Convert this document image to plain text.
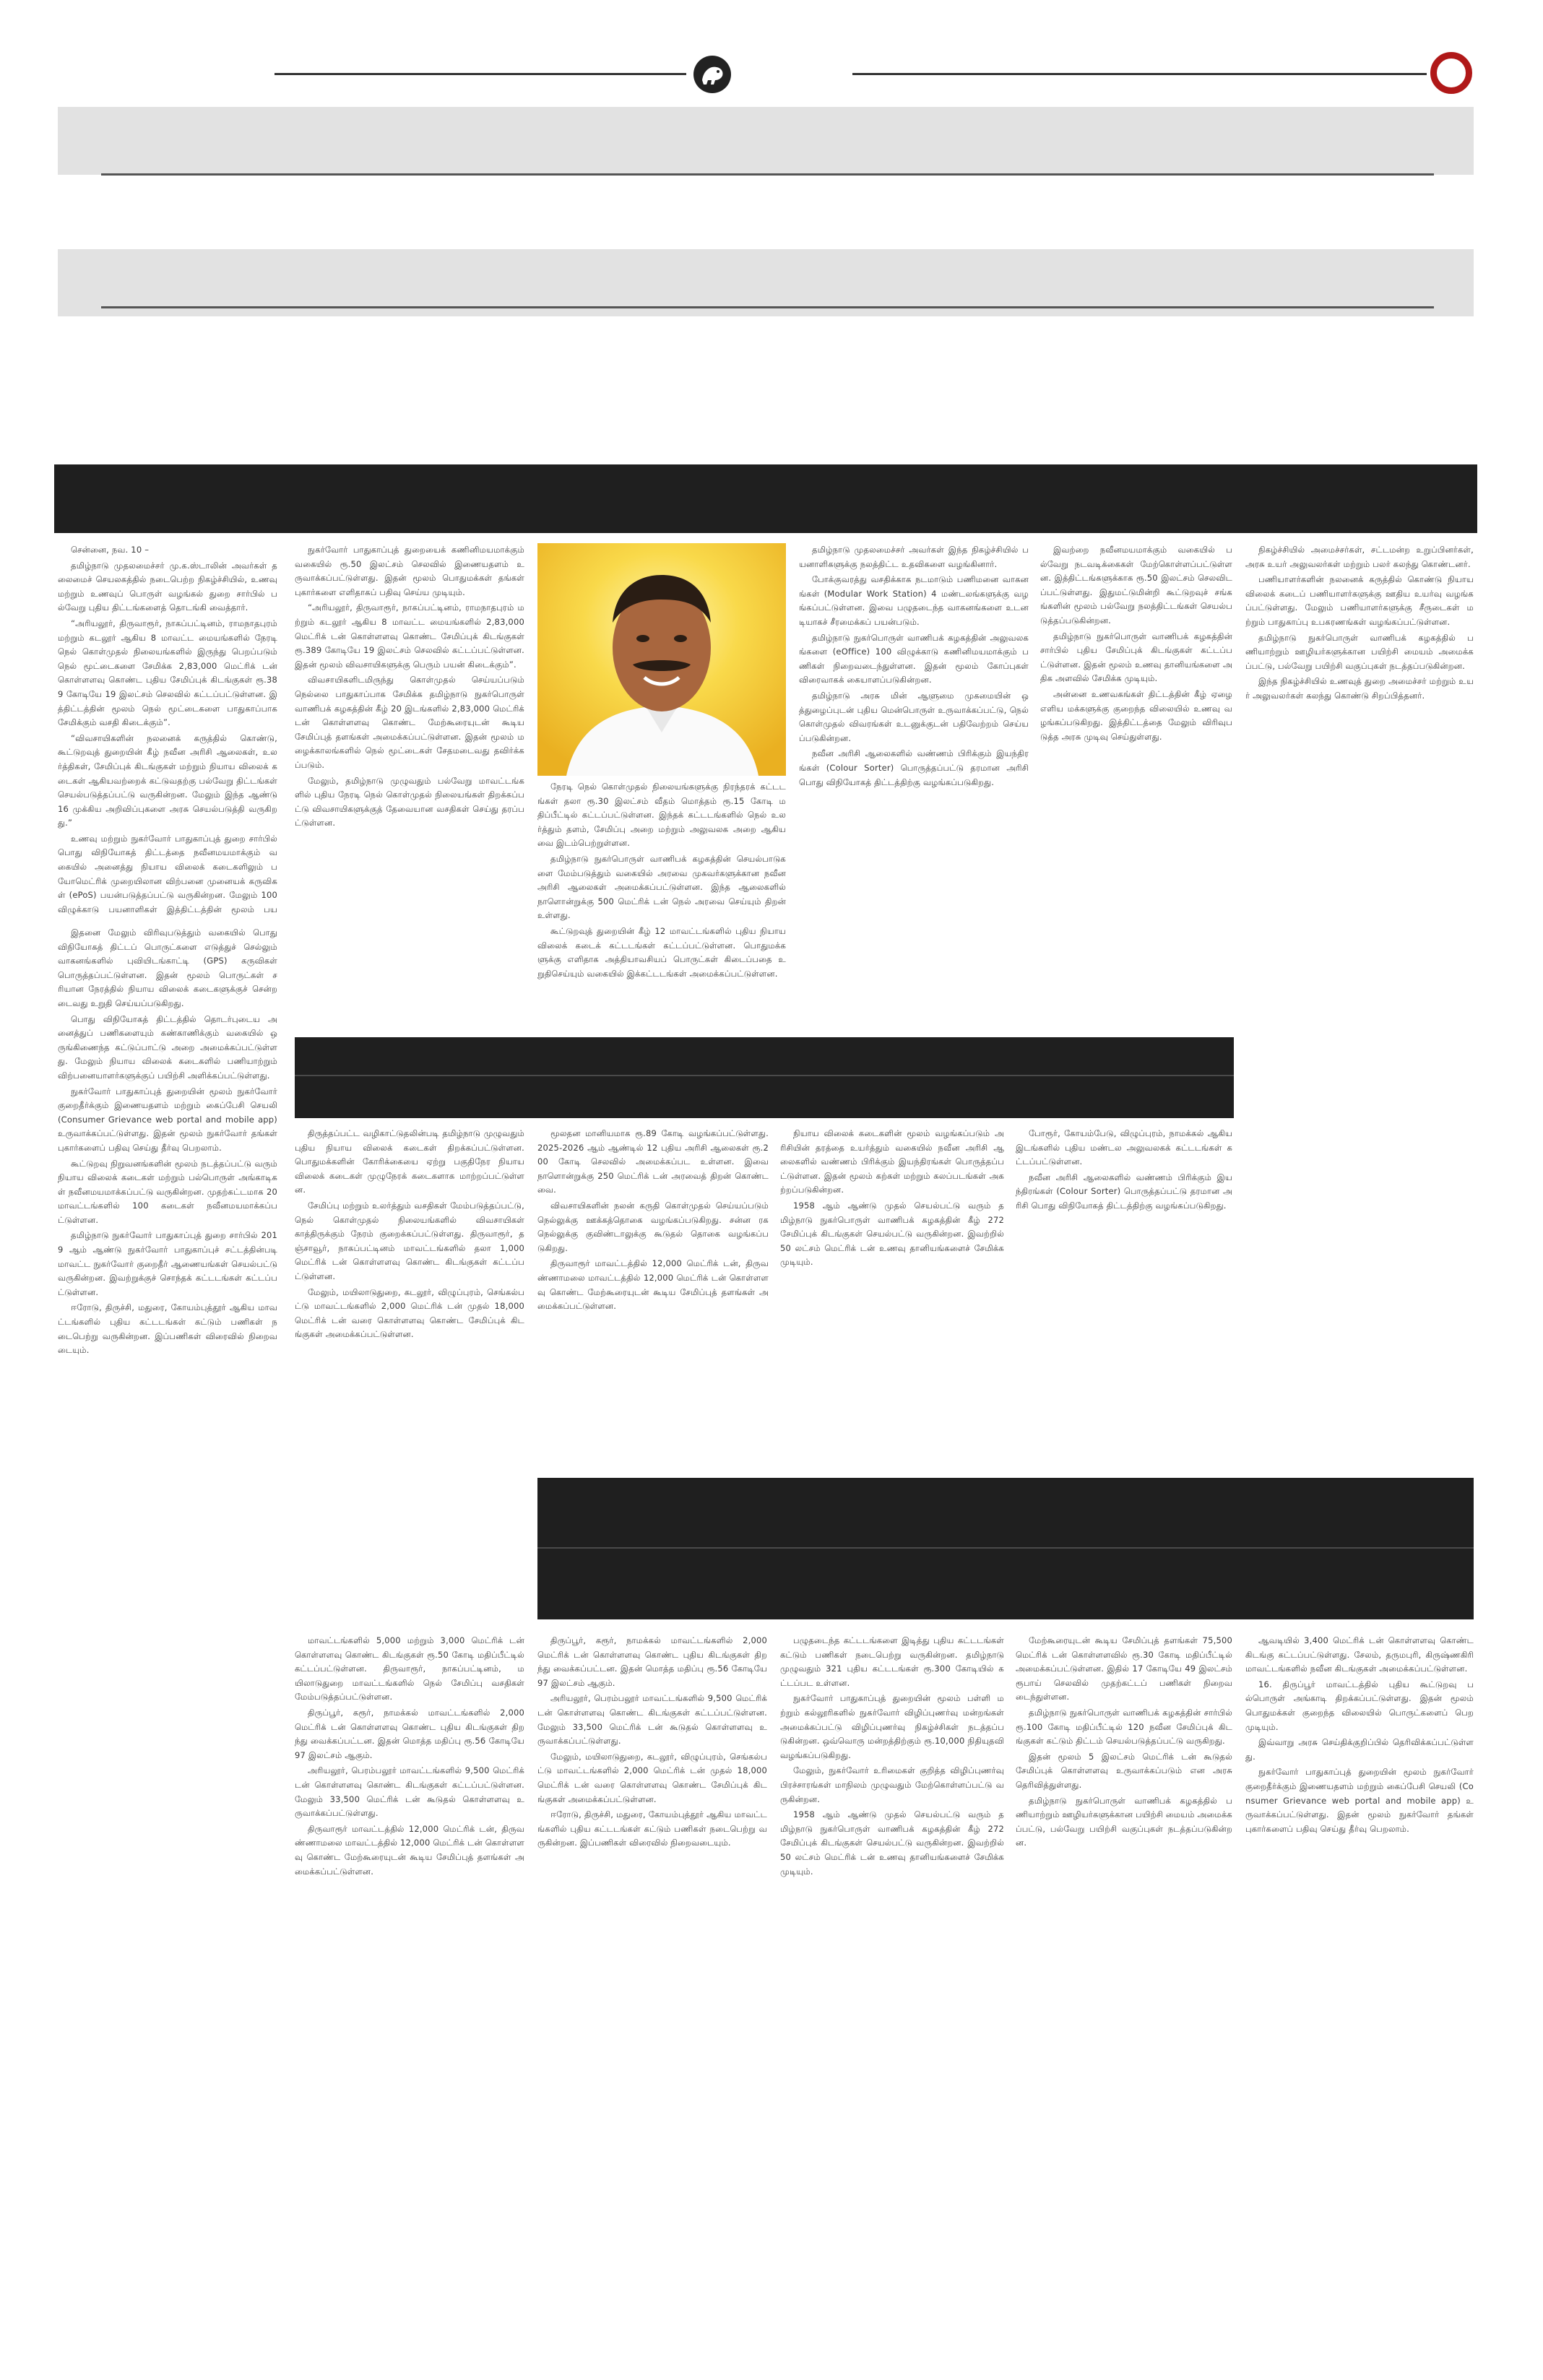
சென்னை, நவ. 10 –

தமிழ்நாடு முதலமைச்சர் மு.க.ஸ்டாலின் அவர்கள் தலைமைச் செயலகத்தில் நடைபெற்ற நிகழ்ச்சியில், உணவு மற்றும் உணவுப் பொருள் வழங்கல் துறை சார்பில் பல்வேறு புதிய திட்டங்களைத் தொடங்கி வைத்தார்.

“அரியலூர், திருவாரூர், நாகப்பட்டினம், ராமநாதபுரம் மற்றும் கடலூர் ஆகிய 8 மாவட்ட மையங்களில் நேரடி நெல் கொள்முதல் நிலையங்களில் இருந்து பெறப்படும் நெல் மூட்டைகளை சேமிக்க 2,83,000 மெட்ரிக் டன் கொள்ளளவு கொண்ட புதிய சேமிப்புக் கிடங்குகள் ரூ.389 கோடியே 19 இலட்சம் செலவில் கட்டப்பட்டுள்ளன. இத்திட்டத்தின் மூலம் நெல் மூட்டைகளை பாதுகாப்பாக சேமிக்கும் வசதி கிடைக்கும்”.

“விவசாயிகளின் நலனைக் கருத்தில் கொண்டு, கூட்டுறவுத் துறையின் கீழ் நவீன அரிசி ஆலைகள், உலர்த்திகள், சேமிப்புக் கிடங்குகள் மற்றும் நியாய விலைக் கடைகள் ஆகியவற்றைக் கட்டுவதற்கு பல்வேறு திட்டங்கள் செயல்படுத்தப்பட்டு வருகின்றன. மேலும் இந்த ஆண்டு 16 முக்கிய அறிவிப்புகளை அரசு செயல்படுத்தி வருகிறது.”

உணவு மற்றும் நுகர்வோர் பாதுகாப்புத் துறை சார்பில் பொது விநியோகத் திட்டத்தை நவீனமயமாக்கும் வகையில் அனைத்து நியாய விலைக் கடைகளிலும் பயோமெட்ரிக் முறையிலான விற்பனை முனையக் கருவிகள் (ePoS) பயன்படுத்தப்பட்டு வருகின்றன. மேலும் 100 விழுக்காடு பயனாளிகள் இத்திட்டத்தின் மூலம் பய

நுகர்வோர் பாதுகாப்புத் துறையைக் கணினிமயமாக்கும் வகையில் ரூ.50 இலட்சம் செலவில் இணையதளம் உருவாக்கப்பட்டுள்ளது. இதன் மூலம் பொதுமக்கள் தங்கள் புகார்களை எளிதாகப் பதிவு செய்ய முடியும்.

“அரியலூர், திருவாரூர், நாகப்பட்டினம், ராமநாதபுரம் மற்றும் கடலூர் ஆகிய 8 மாவட்ட மையங்களில் 2,83,000 மெட்ரிக் டன் கொள்ளளவு கொண்ட சேமிப்புக் கிடங்குகள் ரூ.389 கோடியே 19 இலட்சம் செலவில் கட்டப்பட்டுள்ளன. இதன் மூலம் விவசாயிகளுக்கு பெரும் பயன் கிடைக்கும்”.

விவசாயிகளிடமிருந்து கொள்முதல் செய்யப்படும் நெல்லை பாதுகாப்பாக சேமிக்க தமிழ்நாடு நுகர்பொருள் வாணிபக் கழகத்தின் கீழ் 20 இடங்களில் 2,83,000 மெட்ரிக் டன் கொள்ளளவு கொண்ட மேற்கூரையுடன் கூடிய சேமிப்புத் தளங்கள் அமைக்கப்பட்டுள்ளன. இதன் மூலம் மழைக்காலங்களில் நெல் மூட்டைகள் சேதமடைவது தவிர்க்கப்படும்.

மேலும், தமிழ்நாடு முழுவதும் பல்வேறு மாவட்டங்களில் புதிய நேரடி நெல் கொள்முதல் நிலையங்கள் திறக்கப்பட்டு விவசாயிகளுக்குத் தேவையான வசதிகள் செய்து தரப்பட்டுள்ளன.

நேரடி நெல் கொள்முதல் நிலையங்களுக்கு நிரந்தரக் கட்டடங்கள் தலா ரூ.30 இலட்சம் வீதம் மொத்தம் ரூ.15 கோடி மதிப்பீட்டில் கட்டப்பட்டுள்ளன. இந்தக் கட்டடங்களில் நெல் உலர்த்தும் தளம், சேமிப்பு அறை மற்றும் அலுவலக அறை ஆகியவை இடம்பெற்றுள்ளன.

தமிழ்நாடு நுகர்பொருள் வாணிபக் கழகத்தின் செயல்பாடுகளை மேம்படுத்தும் வகையில் அரவை முகவர்களுக்கான நவீன அரிசி ஆலைகள் அமைக்கப்பட்டுள்ளன. இந்த ஆலைகளில் நாளொன்றுக்கு 500 மெட்ரிக் டன் நெல் அரவை செய்யும் திறன் உள்ளது.

கூட்டுறவுத் துறையின் கீழ் 12 மாவட்டங்களில் புதிய நியாய விலைக் கடைக் கட்டடங்கள் கட்டப்பட்டுள்ளன. பொதுமக்களுக்கு எளிதாக அத்தியாவசியப் பொருட்கள் கிடைப்பதை உறுதிசெய்யும் வகையில் இக்கட்டடங்கள் அமைக்கப்பட்டுள்ளன.

தமிழ்நாடு முதலமைச்சர் அவர்கள் இந்த நிகழ்ச்சியில் பயனாளிகளுக்கு நலத்திட்ட உதவிகளை வழங்கினார்.

போக்குவரத்து வசதிக்காக நடமாடும் பணிமனை வாகனங்கள் (Modular Work Station) 4 மண்டலங்களுக்கு வழங்கப்பட்டுள்ளன. இவை பழுதடைந்த வாகனங்களை உடனடியாகச் சீரமைக்கப் பயன்படும்.

தமிழ்நாடு நுகர்பொருள் வாணிபக் கழகத்தின் அலுவலகங்களை (eOffice) 100 விழுக்காடு கணினிமயமாக்கும் பணிகள் நிறைவடைந்துள்ளன. இதன் மூலம் கோப்புகள் விரைவாகக் கையாளப்படுகின்றன.

தமிழ்நாடு அரசு மின் ஆளுமை முகமையின் ஒத்துழைப்புடன் புதிய மென்பொருள் உருவாக்கப்பட்டு, நெல் கொள்முதல் விவரங்கள் உடனுக்குடன் பதிவேற்றம் செய்யப்படுகின்றன.

நவீன அரிசி ஆலைகளில் வண்ணம் பிரிக்கும் இயந்திரங்கள் (Colour Sorter) பொருத்தப்பட்டு தரமான அரிசி பொது விநியோகத் திட்டத்திற்கு வழங்கப்படுகிறது.

இவற்றை நவீனமயமாக்கும் வகையில் பல்வேறு நடவடிக்கைகள் மேற்கொள்ளப்பட்டுள்ளன. இத்திட்டங்களுக்காக ரூ.50 இலட்சம் செலவிடப்பட்டுள்ளது. இதுமட்டுமின்றி கூட்டுறவுச் சங்கங்களின் மூலம் பல்வேறு நலத்திட்டங்கள் செயல்படுத்தப்படுகின்றன.

தமிழ்நாடு நுகர்பொருள் வாணிபக் கழகத்தின் சார்பில் புதிய சேமிப்புக் கிடங்குகள் கட்டப்பட்டுள்ளன. இதன் மூலம் உணவு தானியங்களை அதிக அளவில் சேமிக்க முடியும்.

அன்னை உணவகங்கள் திட்டத்தின் கீழ் ஏழை எளிய மக்களுக்கு குறைந்த விலையில் உணவு வழங்கப்படுகிறது. இத்திட்டத்தை மேலும் விரிவுபடுத்த அரசு முடிவு செய்துள்ளது.

நிகழ்ச்சியில் அமைச்சர்கள், சட்டமன்ற உறுப்பினர்கள், அரசு உயர் அலுவலர்கள் மற்றும் பலர் கலந்து கொண்டனர்.

பணியாளர்களின் நலனைக் கருத்தில் கொண்டு நியாய விலைக் கடைப் பணியாளர்களுக்கு ஊதிய உயர்வு வழங்கப்பட்டுள்ளது. மேலும் பணியாளர்களுக்கு சீருடைகள் மற்றும் பாதுகாப்பு உபகரணங்கள் வழங்கப்பட்டுள்ளன.

தமிழ்நாடு நுகர்பொருள் வாணிபக் கழகத்தில் பணியாற்றும் ஊழியர்களுக்கான பயிற்சி மையம் அமைக்கப்பட்டு, பல்வேறு பயிற்சி வகுப்புகள் நடத்தப்படுகின்றன.

இந்த நிகழ்ச்சியில் உணவுத் துறை அமைச்சர் மற்றும் உயர் அலுவலர்கள் கலந்து கொண்டு சிறப்பித்தனர்.

இதனை மேலும் விரிவுபடுத்தும் வகையில் பொது விநியோகத் திட்டப் பொருட்களை எடுத்துச் செல்லும் வாகனங்களில் புவியிடங்காட்டி (GPS) கருவிகள் பொருத்தப்பட்டுள்ளன. இதன் மூலம் பொருட்கள் சரியான நேரத்தில் நியாய விலைக் கடைகளுக்குச் சென்றடைவது உறுதி செய்யப்படுகிறது.

பொது விநியோகத் திட்டத்தில் தொடர்புடைய அனைத்துப் பணிகளையும் கண்காணிக்கும் வகையில் ஒருங்கிணைந்த கட்டுப்பாட்டு அறை அமைக்கப்பட்டுள்ளது. மேலும் நியாய விலைக் கடைகளில் பணியாற்றும் விற்பனையாளர்களுக்குப் பயிற்சி அளிக்கப்பட்டுள்ளது.

நுகர்வோர் பாதுகாப்புத் துறையின் மூலம் நுகர்வோர் குறைதீர்க்கும் இணையதளம் மற்றும் கைப்பேசி செயலி (Consumer Grievance web portal and mobile app) உருவாக்கப்பட்டுள்ளது. இதன் மூலம் நுகர்வோர் தங்கள் புகார்களைப் பதிவு செய்து தீர்வு பெறலாம்.

கூட்டுறவு நிறுவனங்களின் மூலம் நடத்தப்பட்டு வரும் நியாய விலைக் கடைகள் மற்றும் பல்பொருள் அங்காடிகள் நவீனமயமாக்கப்பட்டு வருகின்றன. முதற்கட்டமாக 20 மாவட்டங்களில் 100 கடைகள் நவீனமயமாக்கப்பட்டுள்ளன.

தமிழ்நாடு நுகர்வோர் பாதுகாப்புத் துறை சார்பில் 2019 ஆம் ஆண்டு நுகர்வோர் பாதுகாப்புச் சட்டத்தின்படி மாவட்ட நுகர்வோர் குறைதீர் ஆணையங்கள் செயல்பட்டு வருகின்றன. இவற்றுக்குச் சொந்தக் கட்டடங்கள் கட்டப்பட்டுள்ளன.

ஈரோடு, திருச்சி, மதுரை, கோயம்புத்தூர் ஆகிய மாவட்டங்களில் புதிய கட்டடங்கள் கட்டும் பணிகள் நடைபெற்று வருகின்றன. இப்பணிகள் விரைவில் நிறைவடையும்.

திருத்தப்பட்ட வழிகாட்டுதலின்படி தமிழ்நாடு முழுவதும் புதிய நியாய விலைக் கடைகள் திறக்கப்பட்டுள்ளன. பொதுமக்களின் கோரிக்கையை ஏற்று பகுதிநேர நியாய விலைக் கடைகள் முழுநேரக் கடைகளாக மாற்றப்பட்டுள்ளன.

சேமிப்பு மற்றும் உலர்த்தும் வசதிகள் மேம்படுத்தப்பட்டு, நெல் கொள்முதல் நிலையங்களில் விவசாயிகள் காத்திருக்கும் நேரம் குறைக்கப்பட்டுள்ளது. திருவாரூர், தஞ்சாவூர், நாகப்பட்டினம் மாவட்டங்களில் தலா 1,000 மெட்ரிக் டன் கொள்ளளவு கொண்ட கிடங்குகள் கட்டப்பட்டுள்ளன.

மேலும், மயிலாடுதுறை, கடலூர், விழுப்புரம், செங்கல்பட்டு மாவட்டங்களில் 2,000 மெட்ரிக் டன் முதல் 18,000 மெட்ரிக் டன் வரை கொள்ளளவு கொண்ட சேமிப்புக் கிடங்குகள் அமைக்கப்பட்டுள்ளன.

மூலதன மானியமாக ரூ.89 கோடி வழங்கப்பட்டுள்ளது. 2025-2026 ஆம் ஆண்டில் 12 புதிய அரிசி ஆலைகள் ரூ.200 கோடி செலவில் அமைக்கப்பட உள்ளன. இவை நாளொன்றுக்கு 250 மெட்ரிக் டன் அரவைத் திறன் கொண்டவை.

விவசாயிகளின் நலன் கருதி கொள்முதல் செய்யப்படும் நெல்லுக்கு ஊக்கத்தொகை வழங்கப்படுகிறது. சன்ன ரக நெல்லுக்கு குவிண்டாலுக்கு கூடுதல் தொகை வழங்கப்படுகிறது.

திருவாரூர் மாவட்டத்தில் 12,000 மெட்ரிக் டன், திருவண்ணாமலை மாவட்டத்தில் 12,000 மெட்ரிக் டன் கொள்ளளவு கொண்ட மேற்கூரையுடன் கூடிய சேமிப்புத் தளங்கள் அமைக்கப்பட்டுள்ளன.

நியாய விலைக் கடைகளின் மூலம் வழங்கப்படும் அரிசியின் தரத்தை உயர்த்தும் வகையில் நவீன அரிசி ஆலைகளில் வண்ணம் பிரிக்கும் இயந்திரங்கள் பொருத்தப்பட்டுள்ளன. இதன் மூலம் கற்கள் மற்றும் கலப்படங்கள் அகற்றப்படுகின்றன.

1958 ஆம் ஆண்டு முதல் செயல்பட்டு வரும் தமிழ்நாடு நுகர்பொருள் வாணிபக் கழகத்தின் கீழ் 272 சேமிப்புக் கிடங்குகள் செயல்பட்டு வருகின்றன. இவற்றில் 50 லட்சம் மெட்ரிக் டன் உணவு தானியங்களைச் சேமிக்க முடியும்.

போரூர், கோயம்பேடு, விழுப்புரம், நாமக்கல் ஆகிய இடங்களில் புதிய மண்டல அலுவலகக் கட்டடங்கள் கட்டப்பட்டுள்ளன.

நவீன அரிசி ஆலைகளில் வண்ணம் பிரிக்கும் இயந்திரங்கள் (Colour Sorter) பொருத்தப்பட்டு தரமான அரிசி பொது விநியோகத் திட்டத்திற்கு வழங்கப்படுகிறது.

மாவட்டங்களில் 5,000 மற்றும் 3,000 மெட்ரிக் டன் கொள்ளளவு கொண்ட கிடங்குகள் ரூ.50 கோடி மதிப்பீட்டில் கட்டப்பட்டுள்ளன. திருவாரூர், நாகப்பட்டினம், மயிலாடுதுறை மாவட்டங்களில் நெல் சேமிப்பு வசதிகள் மேம்படுத்தப்பட்டுள்ளன.

திருப்பூர், கரூர், நாமக்கல் மாவட்டங்களில் 2,000 மெட்ரிக் டன் கொள்ளளவு கொண்ட புதிய கிடங்குகள் திறந்து வைக்கப்பட்டன. இதன் மொத்த மதிப்பு ரூ.56 கோடியே 97 இலட்சம் ஆகும்.

அரியலூர், பெரம்பலூர் மாவட்டங்களில் 9,500 மெட்ரிக் டன் கொள்ளளவு கொண்ட கிடங்குகள் கட்டப்பட்டுள்ளன. மேலும் 33,500 மெட்ரிக் டன் கூடுதல் கொள்ளளவு உருவாக்கப்பட்டுள்ளது.

திருவாரூர் மாவட்டத்தில் 12,000 மெட்ரிக் டன், திருவண்ணாமலை மாவட்டத்தில் 12,000 மெட்ரிக் டன் கொள்ளளவு கொண்ட மேற்கூரையுடன் கூடிய சேமிப்புத் தளங்கள் அமைக்கப்பட்டுள்ளன.

திருப்பூர், கரூர், நாமக்கல் மாவட்டங்களில் 2,000 மெட்ரிக் டன் கொள்ளளவு கொண்ட புதிய கிடங்குகள் திறந்து வைக்கப்பட்டன. இதன் மொத்த மதிப்பு ரூ.56 கோடியே 97 இலட்சம் ஆகும்.

அரியலூர், பெரம்பலூர் மாவட்டங்களில் 9,500 மெட்ரிக் டன் கொள்ளளவு கொண்ட கிடங்குகள் கட்டப்பட்டுள்ளன. மேலும் 33,500 மெட்ரிக் டன் கூடுதல் கொள்ளளவு உருவாக்கப்பட்டுள்ளது.

மேலும், மயிலாடுதுறை, கடலூர், விழுப்புரம், செங்கல்பட்டு மாவட்டங்களில் 2,000 மெட்ரிக் டன் முதல் 18,000 மெட்ரிக் டன் வரை கொள்ளளவு கொண்ட சேமிப்புக் கிடங்குகள் அமைக்கப்பட்டுள்ளன.

ஈரோடு, திருச்சி, மதுரை, கோயம்புத்தூர் ஆகிய மாவட்டங்களில் புதிய கட்டடங்கள் கட்டும் பணிகள் நடைபெற்று வருகின்றன. இப்பணிகள் விரைவில் நிறைவடையும்.

பழுதடைந்த கட்டடங்களை இடித்து புதிய கட்டடங்கள் கட்டும் பணிகள் நடைபெற்று வருகின்றன. தமிழ்நாடு முழுவதும் 321 புதிய கட்டடங்கள் ரூ.300 கோடியில் கட்டப்பட உள்ளன.

நுகர்வோர் பாதுகாப்புத் துறையின் மூலம் பள்ளி மற்றும் கல்லூரிகளில் நுகர்வோர் விழிப்புணர்வு மன்றங்கள் அமைக்கப்பட்டு விழிப்புணர்வு நிகழ்ச்சிகள் நடத்தப்படுகின்றன. ஒவ்வொரு மன்றத்திற்கும் ரூ.10,000 நிதியுதவி வழங்கப்படுகிறது.

மேலும், நுகர்வோர் உரிமைகள் குறித்த விழிப்புணர்வு பிரச்சாரங்கள் மாநிலம் முழுவதும் மேற்கொள்ளப்பட்டு வருகின்றன.

1958 ஆம் ஆண்டு முதல் செயல்பட்டு வரும் தமிழ்நாடு நுகர்பொருள் வாணிபக் கழகத்தின் கீழ் 272 சேமிப்புக் கிடங்குகள் செயல்பட்டு வருகின்றன. இவற்றில் 50 லட்சம் மெட்ரிக் டன் உணவு தானியங்களைச் சேமிக்க முடியும்.

மேற்கூரையுடன் கூடிய சேமிப்புத் தளங்கள் 75,500 மெட்ரிக் டன் கொள்ளளவில் ரூ.30 கோடி மதிப்பீட்டில் அமைக்கப்பட்டுள்ளன. இதில் 17 கோடியே 49 இலட்சம் ரூபாய் செலவில் முதற்கட்டப் பணிகள் நிறைவடைந்துள்ளன.

தமிழ்நாடு நுகர்பொருள் வாணிபக் கழகத்தின் சார்பில் ரூ.100 கோடி மதிப்பீட்டில் 120 நவீன சேமிப்புக் கிடங்குகள் கட்டும் திட்டம் செயல்படுத்தப்பட்டு வருகிறது.

இதன் மூலம் 5 இலட்சம் மெட்ரிக் டன் கூடுதல் சேமிப்புக் கொள்ளளவு உருவாக்கப்படும் என அரசு தெரிவித்துள்ளது.

தமிழ்நாடு நுகர்பொருள் வாணிபக் கழகத்தில் பணியாற்றும் ஊழியர்களுக்கான பயிற்சி மையம் அமைக்கப்பட்டு, பல்வேறு பயிற்சி வகுப்புகள் நடத்தப்படுகின்றன.

ஆவடியில் 3,400 மெட்ரிக் டன் கொள்ளளவு கொண்ட கிடங்கு கட்டப்பட்டுள்ளது. சேலம், தருமபுரி, கிருஷ்ணகிரி மாவட்டங்களில் நவீன கிடங்குகள் அமைக்கப்பட்டுள்ளன.

16. திருப்பூர் மாவட்டத்தில் புதிய கூட்டுறவு பல்பொருள் அங்காடி திறக்கப்பட்டுள்ளது. இதன் மூலம் பொதுமக்கள் குறைந்த விலையில் பொருட்களைப் பெற முடியும்.

இவ்வாறு அரசு செய்திக்குறிப்பில் தெரிவிக்கப்பட்டுள்ளது.

நுகர்வோர் பாதுகாப்புத் துறையின் மூலம் நுகர்வோர் குறைதீர்க்கும் இணையதளம் மற்றும் கைப்பேசி செயலி (Consumer Grievance web portal and mobile app) உருவாக்கப்பட்டுள்ளது. இதன் மூலம் நுகர்வோர் தங்கள் புகார்களைப் பதிவு செய்து தீர்வு பெறலாம்.
